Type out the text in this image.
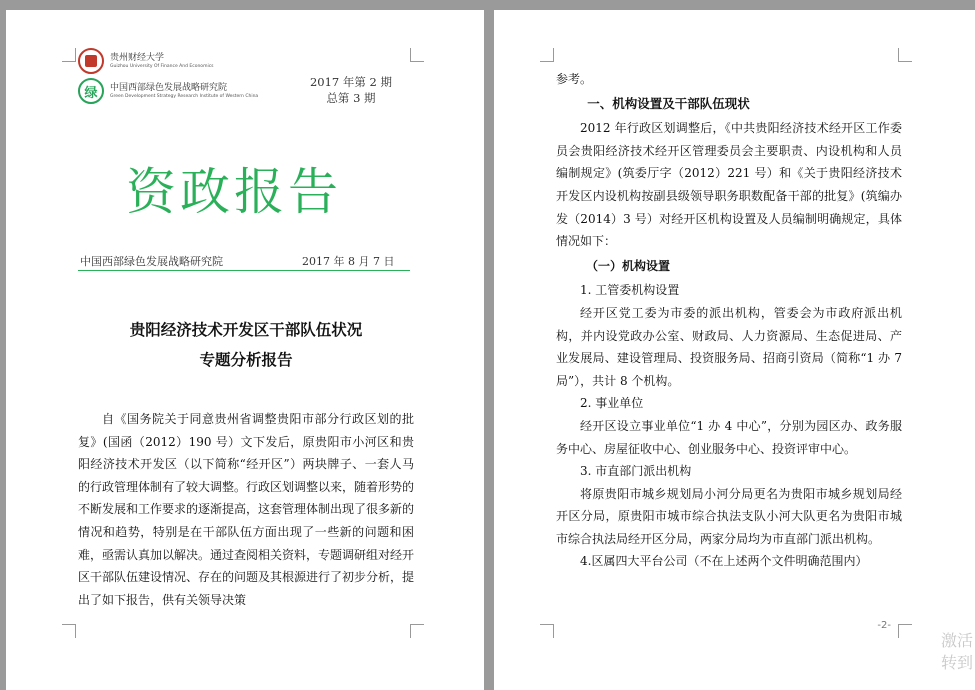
贵州财经大学
Guizhou University Of Finance And Economics
绿	中国西部绿色发展战略研究院
Green Development Strategy Research Institute of Western China
2017 年第 2 期
总第 3 期
资政报告
中国西部绿色发展战略研究院	2017 年 8 月 7 日
贵阳经济技术开发区干部队伍状况
专题分析报告

自《国务院关于同意贵州省调整贵阳市部分行政区划的批复》(国函（2012）190 号）文下发后，原贵阳市小河区和贵阳经济技术开发区（以下简称“经开区”）两块牌子、一套人马的行政管理体制有了较大调整。行政区划调整以来，随着形势的不断发展和工作要求的逐渐提高，这套管理体制出现了很多新的情况和趋势，特别是在干部队伍方面出现了一些新的问题和困难，亟需认真加以解决。通过查阅相关资料，专题调研组对经开区干部队伍建设情况、存在的问题及其根源进行了初步分析，提出了如下报告，供有关领导决策

参考。

一、机构设置及干部队伍现状

2012 年行政区划调整后，《中共贵阳经济技术经开区工作委员会贵阳经济技术经开区管理委员会主要职责、内设机构和人员编制规定》(筑委厅字（2012）221 号）和《关于贵阳经济技术开发区内设机构按副县级领导职务职数配备干部的批复》(筑编办发（2014）3 号）对经开区机构设置及人员编制明确规定，具体情况如下：

（一）机构设置

1. 工管委机构设置

经开区党工委为市委的派出机构，管委会为市政府派出机构，并内设党政办公室、财政局、人力资源局、生态促进局、产业发展局、建设管理局、投资服务局、招商引资局（简称“1 办 7 局”），共计 8 个机构。

2. 事业单位

经开区设立事业单位“1 办 4 中心”，分别为园区办、政务服务中心、房屋征收中心、创业服务中心、投资评审中心。

3. 市直部门派出机构

将原贵阳市城乡规划局小河分局更名为贵阳市城乡规划局经开区分局，原贵阳市城市综合执法支队小河大队更名为贵阳市城市综合执法局经开区分局，两家分局均为市直部门派出机构。

4.区属四大平台公司（不在上述两个文件明确范围内）

-2-
激活
转到
